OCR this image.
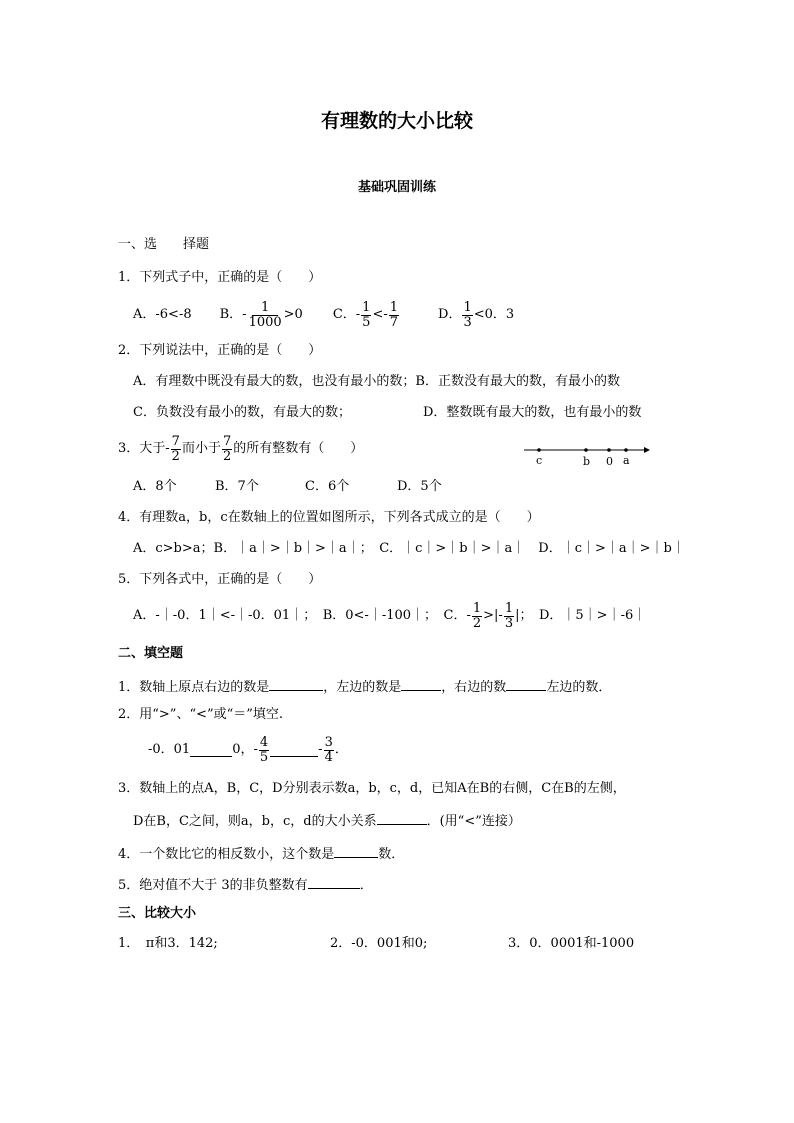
有理数的大小比较
基础巩固训练
一、选　　择题
1．下列式子中，正确的是（　　）
A．-6<-8 B．- $\frac{1}{1000} >0$ C．- $\frac{1}{5} <- \frac{1}{7}$	D． $\frac{1}{3} <0$．3
2．下列说法中，正确的是（　　）
A．有理数中既没有最大的数，也没有最小的数；B．正数没有最大的数，有最小的数
C．负数没有最小的数，有最大的数；	D．整数既有最大的数，也有最小的数
3．大于- $\frac{7}{2}$ 而小于 $\frac{7}{2}$ 的所有整数有（　　）
c	b 0 a
A．8个	B．7个	C．6个	D．5个
4．有理数a，b，c在数轴上的位置如图所示，下列各式成立的是（　　）
A．c>b>a；B．｜a｜>｜b｜>｜a｜；　C．｜c｜>｜b｜>｜a｜　D．｜c｜>｜a｜>｜b｜
5．下列各式中，正确的是（　　）
A．-｜-0．1｜<-｜-0．01｜；　B．0<-｜-100｜；　C．- $\frac{1}{2}$ >|- $\frac{1}{3}$ |；　D．｜5｜>｜-6｜
二、填空题
1．数轴上原点右边的数是	，左边的数是	，右边的数	左边的数．
2．用“>”、“<”或“＝”填空.
-0．01	0，- $\frac{4}{5}$	- $\frac{3}{4}$ ．
3．数轴上的点A，B，C，D分别表示数a，b，c，d，已知A在B的右侧，C在B的左侧，
D在B，C之间，则a，b，c，d的大小关系	．(用“<”连接）
4．一个数比它的相反数小，这个数是	数．
5．绝对值不大于 3的非负整数有	．
三、比较大小
1．　π和3．142;	2．-0．001和0;	3．0．0001和-1000
